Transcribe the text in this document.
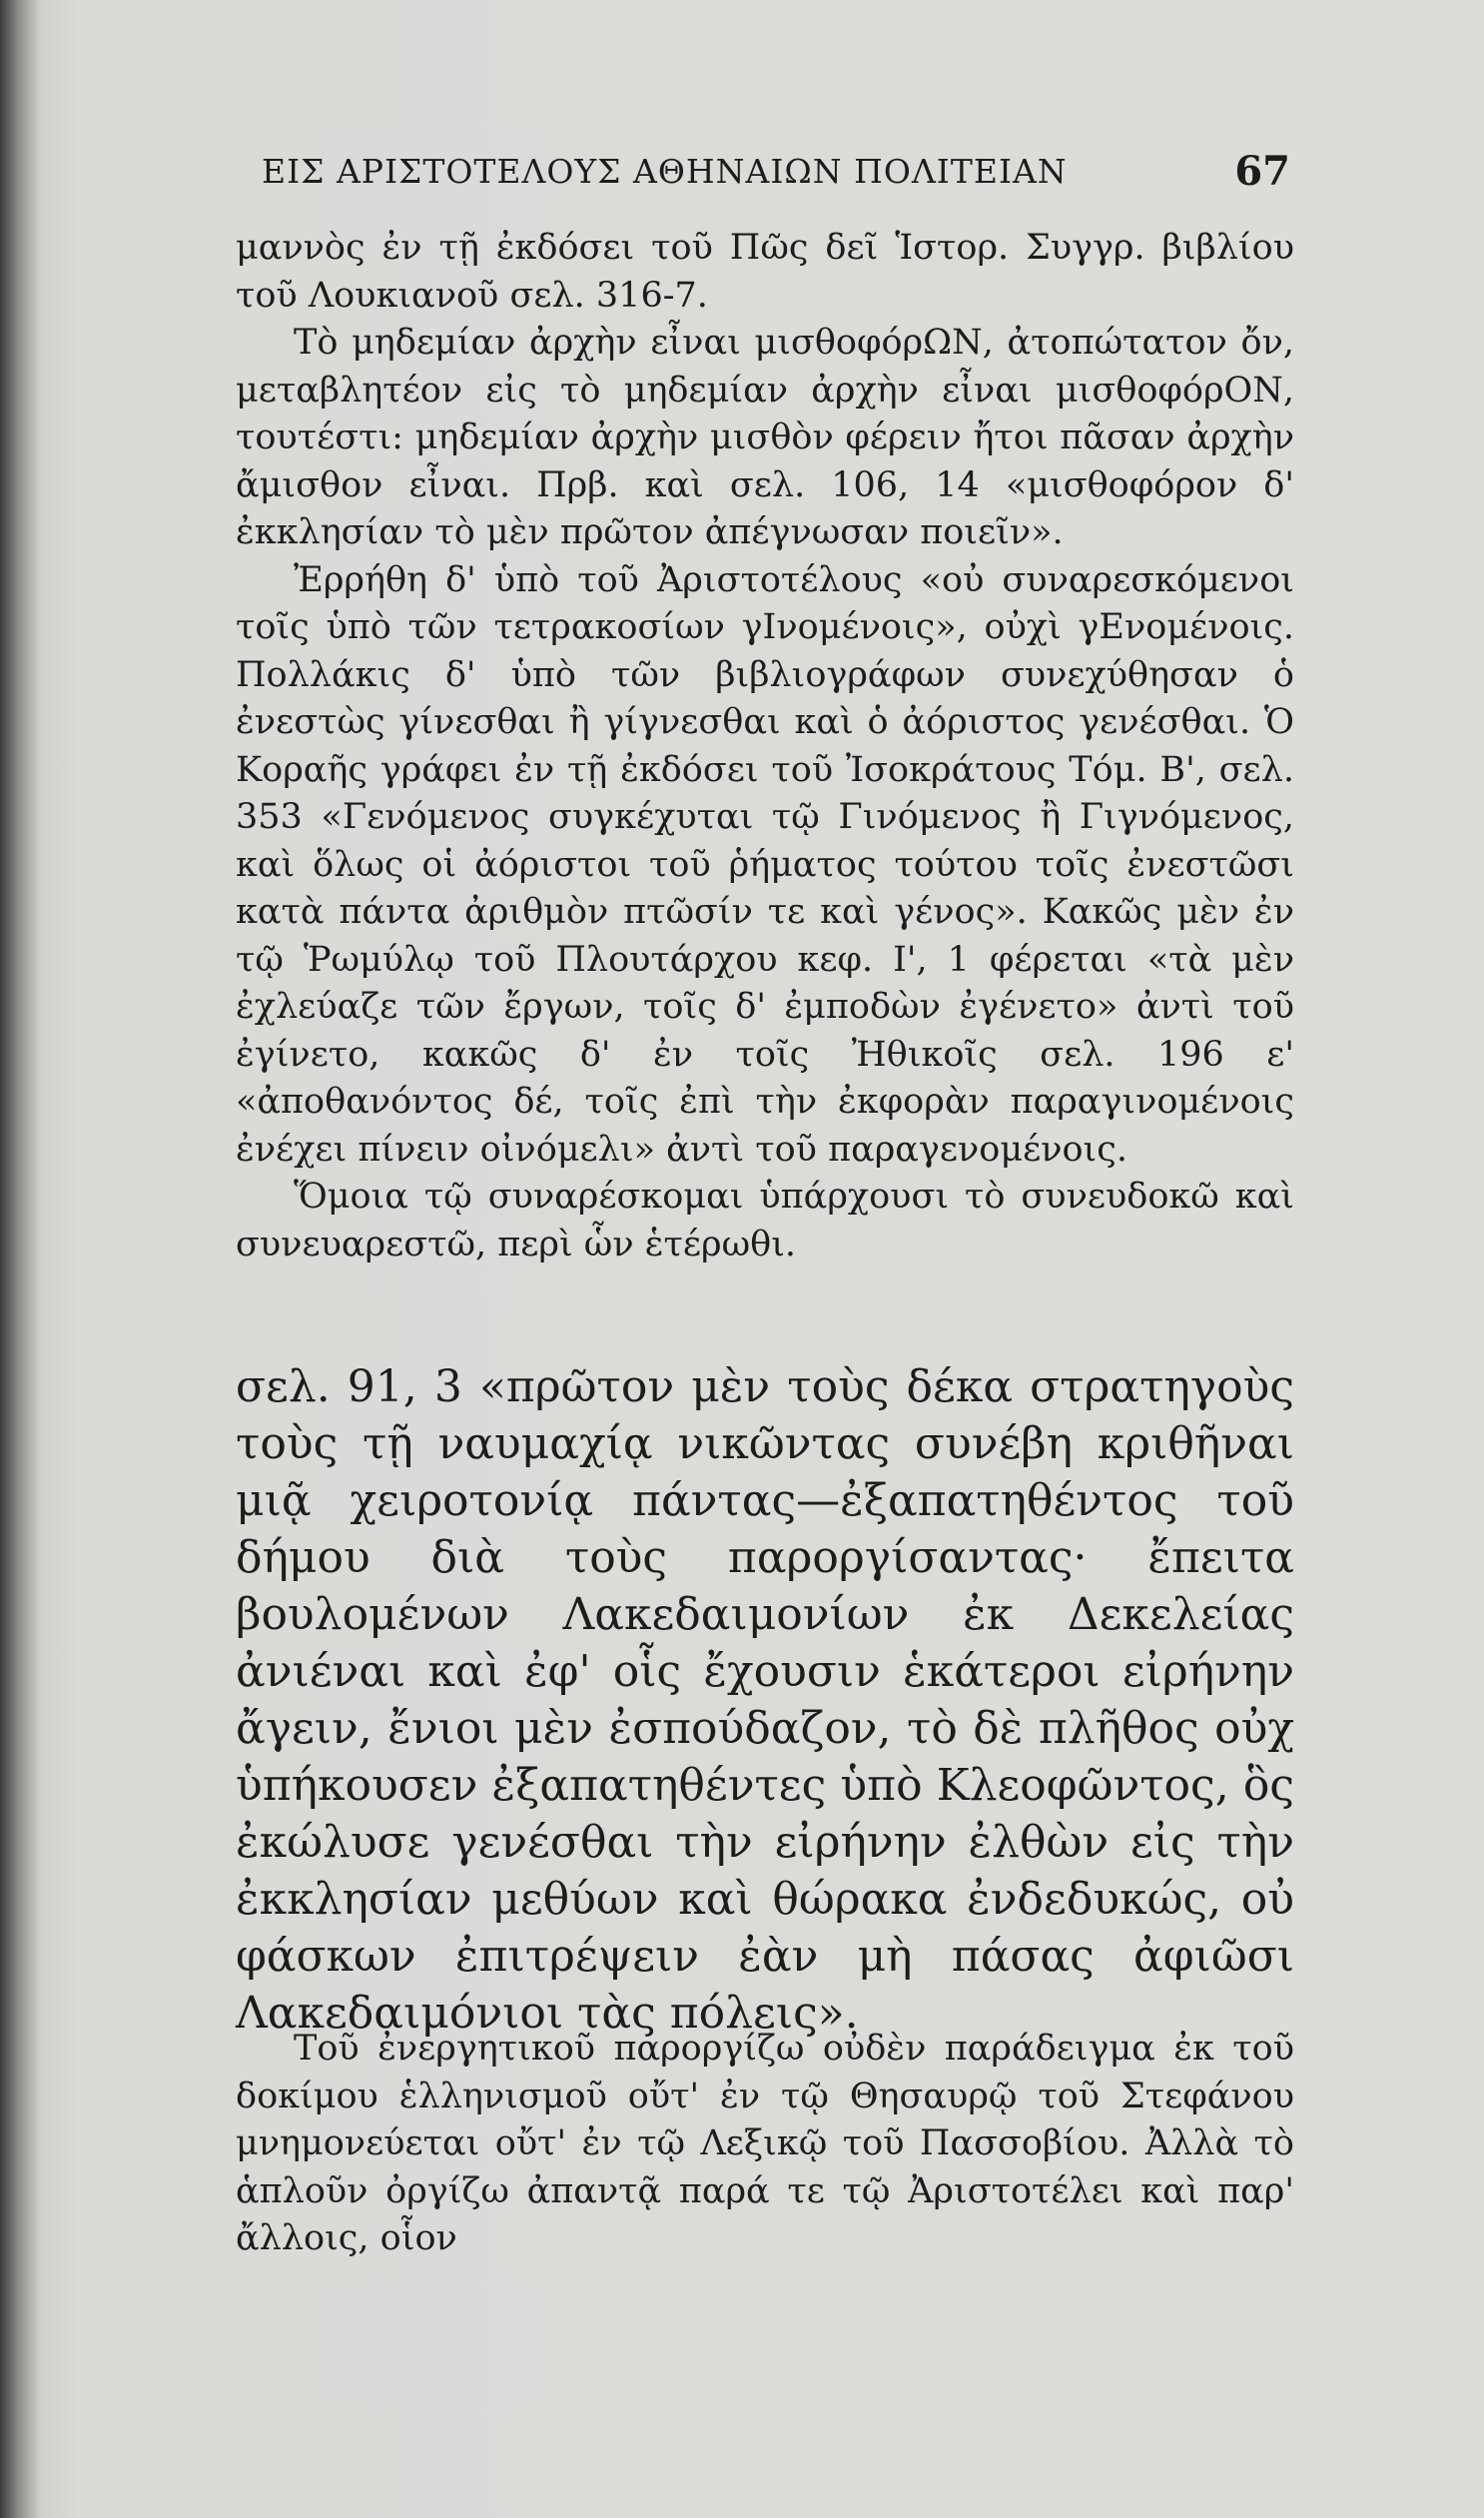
ΕΙΣ ΑΡΙΣΤΟΤΕΛΟΥΣ ΑΘΗΝΑΙΩΝ ΠΟΛΙΤΕΙΑΝ	67

μαννὸς ἐν τῇ ἐκδόσει τοῦ Πῶς δεῖ Ἱστορ. Συγγρ. βιβλίου τοῦ Λουκιανοῦ σελ. 316-7.

Τὸ μηδεμίαν ἀρχὴν εἶναι μισθοφόρΩΝ, ἀτοπώτατον ὄν, μεταβλητέον εἰς τὸ μηδεμίαν ἀρχὴν εἶναι μισθοφόρΟΝ, τουτέστι: μηδεμίαν ἀρχὴν μισθὸν φέρειν ἤτοι πᾶσαν ἀρχὴν ἄμισθον εἶναι. Πρβ. καὶ σελ. 106, 14 «μισθοφόρον δ' ἐκκλησίαν τὸ μὲν πρῶτον ἀπέγνωσαν ποιεῖν».

Ἐρρήθη δ' ὑπὸ τοῦ Ἀριστοτέλους «οὐ συναρεσκόμενοι τοῖς ὑπὸ τῶν τετρακοσίων γΙνομένοις», οὐχὶ γΕνομένοις. Πολλάκις δ' ὑπὸ τῶν βιβλιογράφων συνεχύθησαν ὁ ἐνεστὼς γίνεσθαι ἢ γίγνεσθαι καὶ ὁ ἀόριστος γενέσθαι. Ὁ Κοραῆς γράφει ἐν τῇ ἐκδόσει τοῦ Ἰσοκράτους Τόμ. Β', σελ. 353 «Γενόμενος συγκέχυται τῷ Γινόμενος ἢ Γιγνόμενος, καὶ ὅλως οἱ ἀόριστοι τοῦ ῥήματος τούτου τοῖς ἐνεστῶσι κατὰ πάντα ἀριθμὸν πτῶσίν τε καὶ γένος». Κακῶς μὲν ἐν τῷ Ῥωμύλῳ τοῦ Πλουτάρχου κεφ. Ι', 1 φέρεται «τὰ μὲν ἐχλεύαζε τῶν ἔργων, τοῖς δ' ἐμποδὼν ἐγένετο» ἀντὶ τοῦ ἐγίνετο, κακῶς δ' ἐν τοῖς Ἠθικοῖς σελ. 196 ε' «ἀποθανόντος δέ, τοῖς ἐπὶ τὴν ἐκφορὰν παραγινομένοις ἐνέχει πίνειν οἰνόμελι» ἀντὶ τοῦ παραγενομένοις.

Ὅμοια τῷ συναρέσκομαι ὑπάρχουσι τὸ συνευδοκῶ καὶ συνευαρεστῶ, περὶ ὧν ἑτέρωθι.

σελ. 91, 3 «πρῶτον μὲν τοὺς δέκα στρατηγοὺς τοὺς τῇ ναυμαχίᾳ νικῶντας συνέβη κριθῆναι μιᾷ χειροτονίᾳ πάντας—ἐξαπατηθέντος τοῦ δήμου διὰ τοὺς παροργίσαντας· ἔπειτα βουλομένων Λακεδαιμονίων ἐκ Δεκελείας ἀνιέναι καὶ ἐφ' οἷς ἔχουσιν ἑκάτεροι εἰρήνην ἄγειν, ἔνιοι μὲν ἐσπούδαζον, τὸ δὲ πλῆθος οὐχ ὑπήκουσεν ἐξαπατηθέντες ὑπὸ Κλεοφῶντος, ὃς ἐκώλυσε γενέσθαι τὴν εἰρήνην ἐλθὼν εἰς τὴν ἐκκλησίαν μεθύων καὶ θώρακα ἐνδεδυκώς, οὐ φάσκων ἐπιτρέψειν ἐὰν μὴ πάσας ἀφιῶσι Λακεδαιμόνιοι τὰς πόλεις».

Τοῦ ἐνεργητικοῦ παροργίζω οὐδὲν παράδειγμα ἐκ τοῦ δοκίμου ἑλληνισμοῦ οὔτ' ἐν τῷ Θησαυρῷ τοῦ Στεφάνου μνημονεύεται οὔτ' ἐν τῷ Λεξικῷ τοῦ Πασσοβίου. Ἀλλὰ τὸ ἁπλοῦν ὀργίζω ἀπαντᾷ παρά τε τῷ Ἀριστοτέλει καὶ παρ' ἄλλοις, οἷον
